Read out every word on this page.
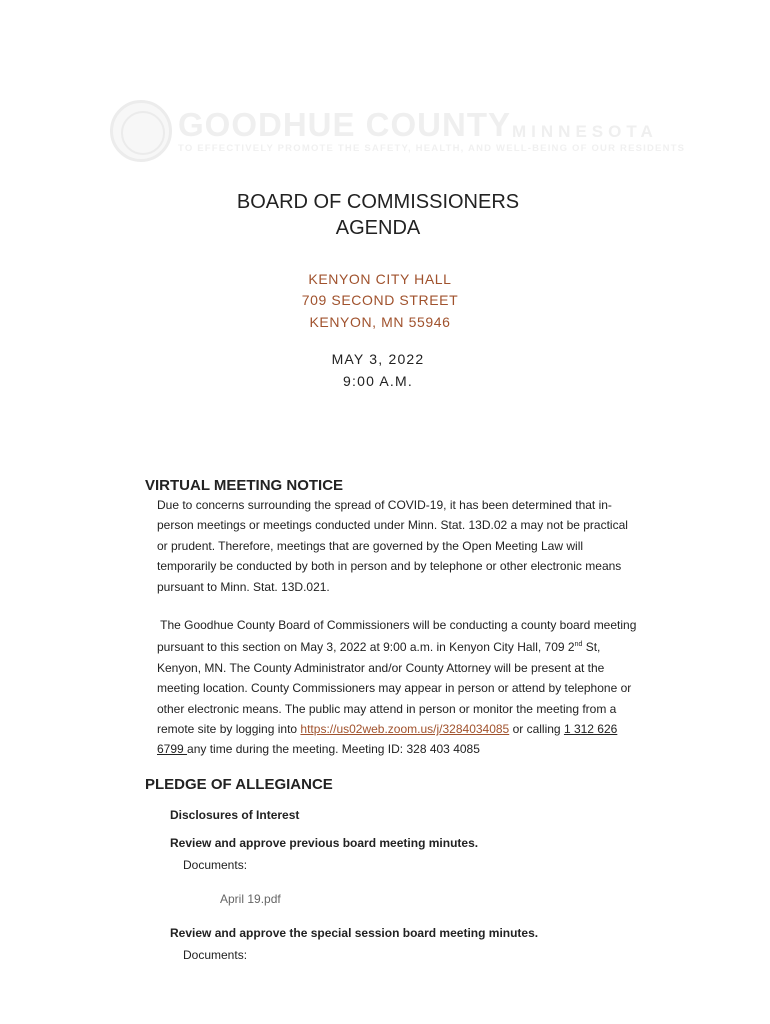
GOODHUE COUNTY MINNESOTA
TO EFFECTIVELY PROMOTE THE SAFETY, HEALTH, AND WELL-BEING OF OUR RESIDENTS
BOARD OF COMMISSIONERS
AGENDA
KENYON CITY HALL
709 SECOND STREET
KENYON, MN 55946
MAY 3, 2022
9:00 A.M.
VIRTUAL MEETING NOTICE
Due to concerns surrounding the spread of COVID-19, it has been determined that in-
person meetings or meetings conducted under Minn. Stat. 13D.02 a may not be practical
or prudent. Therefore, meetings that are governed by the Open Meeting Law will
temporarily be conducted by both in person and by telephone or other electronic means
pursuant to Minn. Stat. 13D.021.
The Goodhue County Board of Commissioners will be conducting a county board meeting
pursuant to this section on May 3, 2022 at 9:00 a.m. in Kenyon City Hall, 709 2nd St,
Kenyon, MN. The County Administrator and/or County Attorney will be present at the
meeting location. County Commissioners may appear in person or attend by telephone or
other electronic means. The public may attend in person or monitor the meeting from a
remote site by logging into https://us02web.zoom.us/j/3284034085 or calling 1 312 626
6799 any time during the meeting. Meeting ID: 328 403 4085
PLEDGE OF ALLEGIANCE
Disclosures of Interest
Review and approve previous board meeting minutes.
Documents:
April 19.pdf
Review and approve the special session board meeting minutes.
Documents:
